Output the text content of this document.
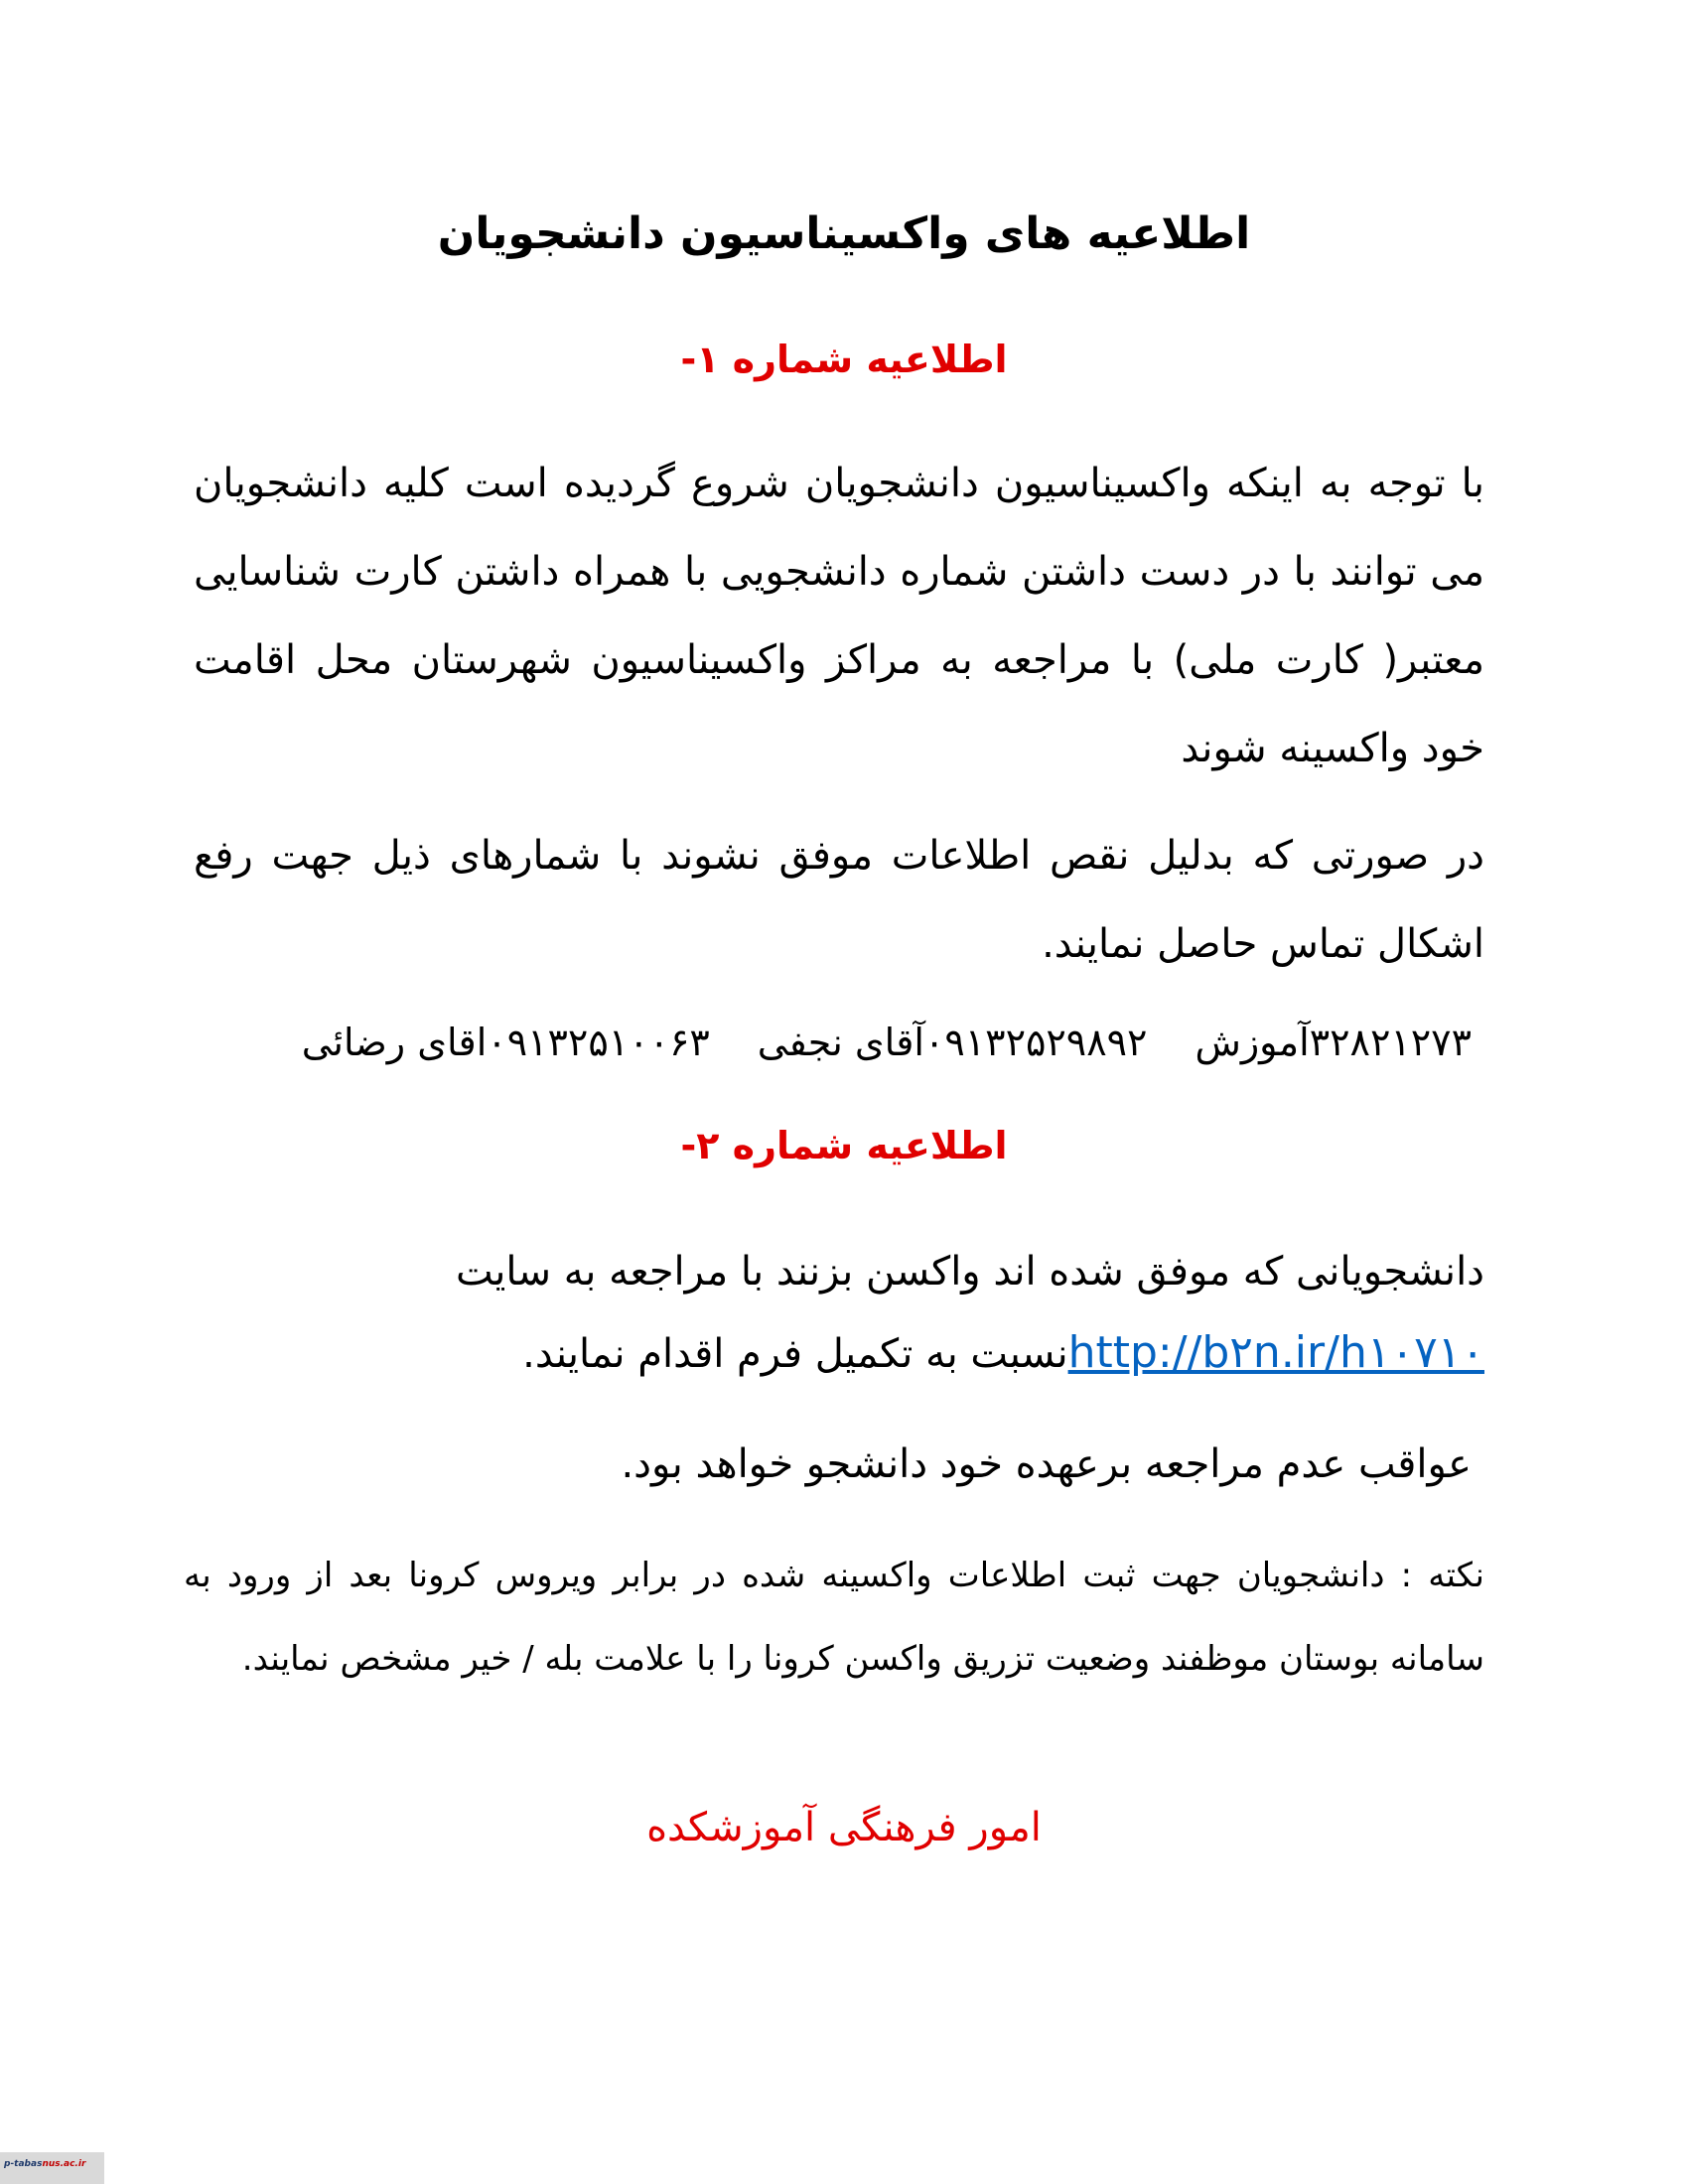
اطلاعیه های واکسیناسیون دانشجویان
اطلاعیه شماره ۱-

با توجه به اینکه واکسیناسیون دانشجویان شروع گردیده است کلیه دانشجویان می توانند با در دست داشتن شماره دانشجویی با همراه داشتن کارت شناسایی معتبر( کارت ملی) با مراجعه به مراکز واکسیناسیون شهرستان محل اقامت خود واکسینه شوند

در صورتی که بدلیل نقص اطلاعات موفق نشوند با شمارهای ذیل جهت رفع اشکال تماس حاصل نمایند.

۳۲۸۲۱۲۷۳آموزش۰۹۱۳۲۵۲۹۸۹۲آقای نجفی۰۹۱۳۲۵۱۰۰۶۳اقای رضائی

اطلاعیه شماره ۲-

دانشجویانی که موفق شده اند واکسن بزنند با مراجعه به سایت
http://b۲n.ir/h۱۰۷۱۰نسبت به تکمیل فرم اقدام نمایند.

عواقب عدم مراجعه برعهده خود دانشجو خواهد بود.

نکته : دانشجویان جهت ثبت اطلاعات واکسینه شده در برابر ویروس کرونا بعد از ورود به سامانه بوستان موظفند وضعیت تزریق واکسن کرونا را با علامت بله / خیر مشخص نمایند.

امور فرهنگی آموزشکده

p-tabasnus.ac.ir
